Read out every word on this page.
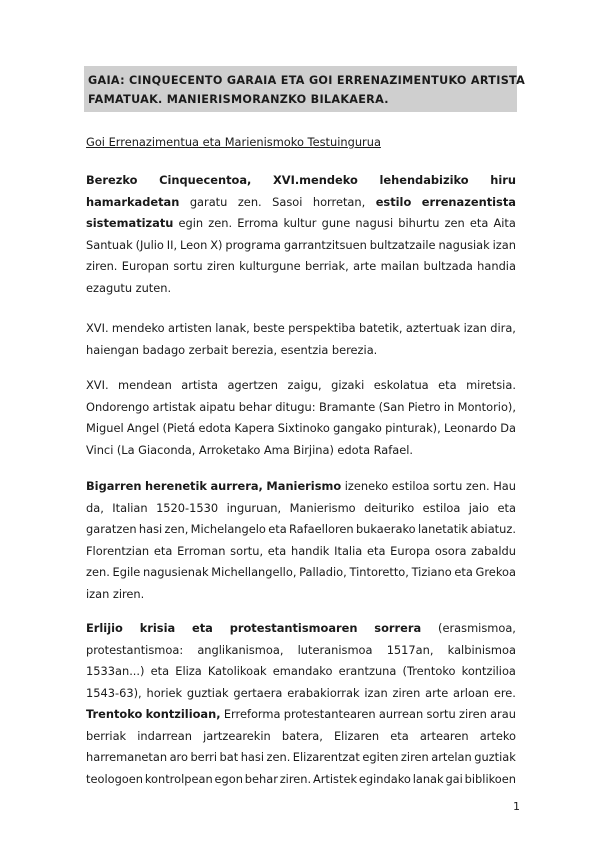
GAIA: CINQUECENTO GARAIA ETA GOI ERRENAZIMENTUKO ARTISTA
FAMATUAK. MANIERISMORANZKO BILAKAERA.
Goi Errenazimentua eta Marienismoko Testuingurua
Berezko Cinquecentoa, XVI.mendeko lehendabiziko hiru
hamarkadetan garatu zen. Sasoi horretan, estilo errenazentista
sistematizatu egin zen. Erroma kultur gune nagusi bihurtu zen eta Aita
Santuak (Julio II, Leon X) programa garrantzitsuen bultzatzaile nagusiak izan
ziren. Europan sortu ziren kulturgune berriak, arte mailan bultzada handia
ezagutu zuten.
XVI. mendeko artisten lanak, beste perspektiba batetik, aztertuak izan dira,
haiengan badago zerbait berezia, esentzia berezia.
XVI. mendean artista agertzen zaigu, gizaki eskolatua eta miretsia.
Ondorengo artistak aipatu behar ditugu: Bramante (San Pietro in Montorio),
Miguel Angel (Pietá edota Kapera Sixtinoko gangako pinturak), Leonardo Da
Vinci (La Giaconda, Arroketako Ama Birjina) edota Rafael.
Bigarren herenetik aurrera, Manierismo izeneko estiloa sortu zen. Hau
da, Italian 1520-1530 inguruan, Manierismo deituriko estiloa jaio eta
garatzen hasi zen, Michelangelo eta Rafaelloren bukaerako lanetatik abiatuz.
Florentzian eta Erroman sortu, eta handik Italia eta Europa osora zabaldu
zen. Egile nagusienak Michellangello, Palladio, Tintoretto, Tiziano eta Grekoa
izan ziren.
Erlijio krisia eta protestantismoaren sorrera (erasmismoa,
protestantismoa: anglikanismoa, luteranismoa 1517an, kalbinismoa
1533an...) eta Eliza Katolikoak emandako erantzuna (Trentoko kontzilioa
1543-63), horiek guztiak gertaera erabakiorrak izan ziren arte arloan ere.
Trentoko kontzilioan, Erreforma protestantearen aurrean sortu ziren arau
berriak indarrean jartzearekin batera, Elizaren eta artearen arteko
harremanetan aro berri bat hasi zen. Elizarentzat egiten ziren artelan guztiak
teologoen kontrolpean egon behar ziren. Artistek egindako lanak gai biblikoen
1
